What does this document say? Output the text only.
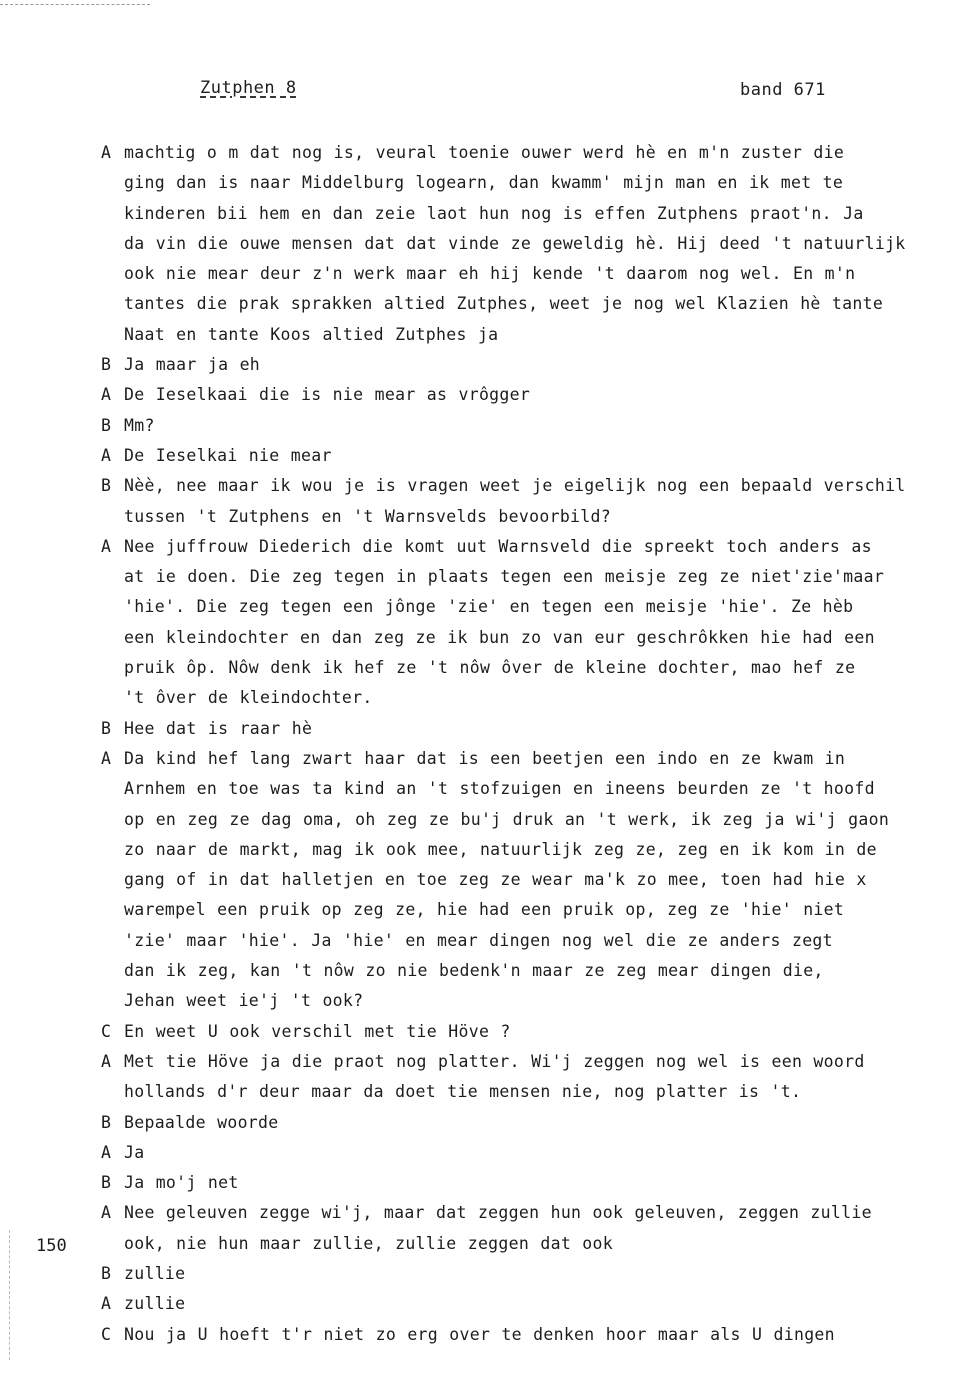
Zutphen 8	band 671
150
A machtig o m dat nog is, veural toenie ouwer werd hè en m'n zuster die
ging dan is naar Middelburg logearn, dan kwamm' mijn man en ik met te
kinderen bii hem en dan zeie laot hun nog is effen Zutphens praot'n. Ja
da vin die ouwe mensen dat dat vinde ze geweldig hè. Hij deed 't natuurlijk
ook nie mear deur z'n werk maar eh hij kende 't daarom nog wel. En m'n
tantes die prak sprakken altied Zutphes, weet je nog wel Klazien hè tante
Naat en tante Koos altied Zutphes ja
B Ja maar ja eh
A De Ieselkaai die is nie mear as vrôgger
B Mm?
A De Ieselkai nie mear
B Nèè, nee maar ik wou je is vragen weet je eigelijk nog een bepaald verschil
tussen 't Zutphens en 't Warnsvelds bevoorbild?
A Nee juffrouw Diederich die komt uut Warnsveld die spreekt toch anders as
at ie doen. Die zeg tegen in plaats tegen een meisje zeg ze niet'zie'maar
'hie'. Die zeg tegen een jônge 'zie' en tegen een meisje 'hie'. Ze hèb
een kleindochter en dan zeg ze ik bun zo van eur geschrôkken hie had een
pruik ôp. Nôw denk ik hef ze 't nôw ôver de kleine dochter, mao hef ze
't ôver de kleindochter.
B Hee dat is raar hè
A Da kind hef lang zwart haar dat is een beetjen een indo en ze kwam in
Arnhem en toe was ta kind an 't stofzuigen en ineens beurden ze 't hoofd
op en zeg ze dag oma, oh zeg ze bu'j druk an 't werk, ik zeg ja wi'j gaon
zo naar de markt, mag ik ook mee, natuurlijk zeg ze, zeg en ik kom in de
gang of in dat halletjen en toe zeg ze wear ma'k zo mee, toen had hie x
warempel een pruik op zeg ze, hie had een pruik op, zeg ze 'hie' niet
'zie' maar 'hie'. Ja 'hie' en mear dingen nog wel die ze anders zegt
dan ik zeg, kan 't nôw zo nie bedenk'n maar ze zeg mear dingen die,
Jehan weet ie'j 't ook?
C En weet U ook verschil met tie Höve ?
A Met tie Höve ja die praot nog platter. Wi'j zeggen nog wel is een woord
hollands d'r deur maar da doet tie mensen nie, nog platter is 't.
B Bepaalde woorde
A Ja
B Ja mo'j net
A Nee geleuven zegge wi'j, maar dat zeggen hun ook geleuven, zeggen zullie
ook, nie hun maar zullie, zullie zeggen dat ook
B zullie
A zullie
C Nou ja U hoeft t'r niet zo erg over te denken hoor maar als U dingen
